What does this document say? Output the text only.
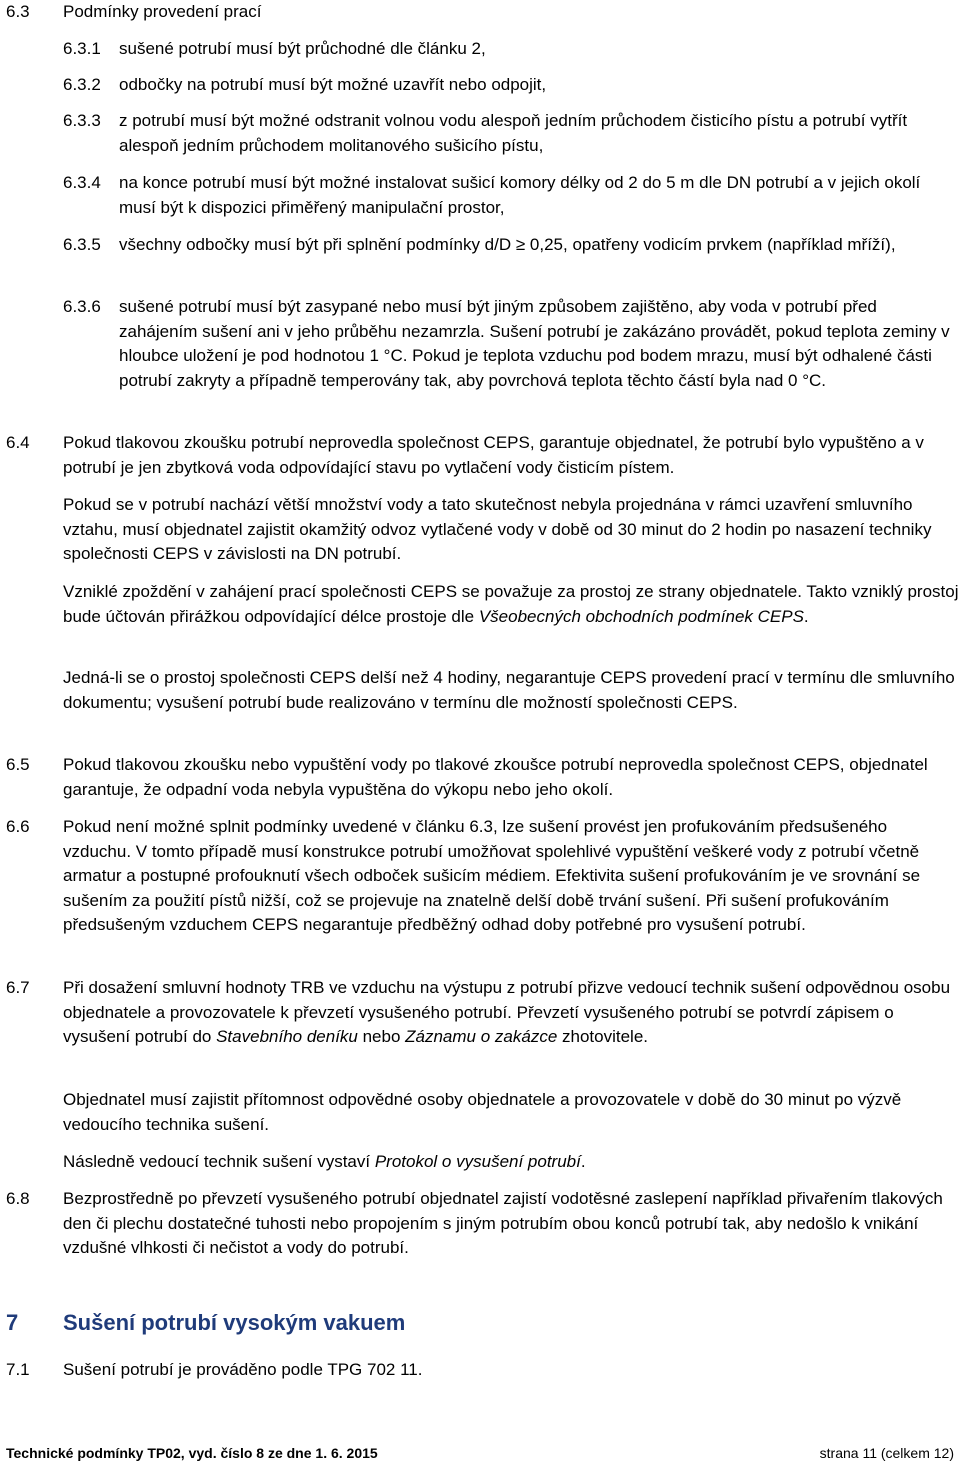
6.3 Podmínky provedení prací
6.3.1 sušené potrubí musí být průchodné dle článku 2,
6.3.2 odbočky na potrubí musí být možné uzavřít nebo odpojit,
6.3.3 z potrubí musí být možné odstranit volnou vodu alespoň jedním průchodem čisticího pístu a potrubí vytřít alespoň jedním průchodem molitanového sušicího pístu,
6.3.4 na konce potrubí musí být možné instalovat sušicí komory délky od 2 do 5 m dle DN potrubí a v jejich okolí musí být k dispozici přiměřený manipulační prostor,
6.3.5 všechny odbočky musí být při splnění podmínky d/D ≥ 0,25, opatřeny vodicím prvkem (například mříží),
6.3.6 sušené potrubí musí být zasypané nebo musí být jiným způsobem zajištěno, aby voda v potrubí před zahájením sušení ani v jeho průběhu nezamrzla. Sušení potrubí je zakázáno provádět, pokud teplota zeminy v hloubce uložení je pod hodnotou 1 °C. Pokud je teplota vzduchu pod bodem mrazu, musí být odhalené části potrubí zakryty a případně temperovány tak, aby povrchová teplota těchto částí byla nad 0 °C.
6.4 Pokud tlakovou zkoušku potrubí neprovedla společnost CEPS, garantuje objednatel, že potrubí bylo vypuštěno a v potrubí je jen zbytková voda odpovídající stavu po vytlačení vody čisticím pístem.

Pokud se v potrubí nachází větší množství vody a tato skutečnost nebyla projednána v rámci uzavření smluvního vztahu, musí objednatel zajistit okamžitý odvoz vytlačené vody v době od 30 minut do 2 hodin po nasazení techniky společnosti CEPS v závislosti na DN potrubí.

Vzniklé zpoždění v zahájení prací společnosti CEPS se považuje za prostoj ze strany objednatele. Takto vzniklý prostoj bude účtován přirážkou odpovídající délce prostoje dle Všeobecných obchodních podmínek CEPS.

Jedná-li se o prostoj společnosti CEPS delší než 4 hodiny, negarantuje CEPS provedení prací v termínu dle smluvního dokumentu; vysušení potrubí bude realizováno v termínu dle možností společnosti CEPS.

6.5 Pokud tlakovou zkoušku nebo vypuštění vody po tlakové zkoušce potrubí neprovedla společnost CEPS, objednatel garantuje, že odpadní voda nebyla vypuštěna do výkopu nebo jeho okolí.
6.6 Pokud není možné splnit podmínky uvedené v článku 6.3, lze sušení provést jen profukováním předsušeného vzduchu. V tomto případě musí konstrukce potrubí umožňovat spolehlivé vypuštění veškeré vody z potrubí včetně armatur a postupné profouknutí všech odboček sušicím médiem. Efektivita sušení profukováním je ve srovnání se sušením za použití pístů nižší, což se projevuje na znatelně delší době trvání sušení. Při sušení profukováním předsušeným vzduchem CEPS negarantuje předběžný odhad doby potřebné pro vysušení potrubí.
6.7 Při dosažení smluvní hodnoty TRB ve vzduchu na výstupu z potrubí přizve vedoucí technik sušení odpovědnou osobu objednatele a provozovatele k převzetí vysušeného potrubí. Převzetí vysušeného potrubí se potvrdí zápisem o vysušení potrubí do Stavebního deníku nebo Záznamu o zakázce zhotovitele.

Objednatel musí zajistit přítomnost odpovědné osoby objednatele a provozovatele v době do 30 minut po výzvě vedoucího technika sušení.

Následně vedoucí technik sušení vystaví Protokol o vysušení potrubí.

6.8 Bezprostředně po převzetí vysušeného potrubí objednatel zajistí vodotěsné zaslepení například přivařením tlakových den či plechu dostatečné tuhosti nebo propojením s jiným potrubím obou konců potrubí tak, aby nedošlo k vnikání vzdušné vlhkosti či nečistot a vody do potrubí.
7 Sušení potrubí vysokým vakuem
7.1 Sušení potrubí je prováděno podle TPG 702 11.
Technické podmínky TP02, vyd. číslo 8 ze dne 1. 6. 2015	strana 11 (celkem 12)
